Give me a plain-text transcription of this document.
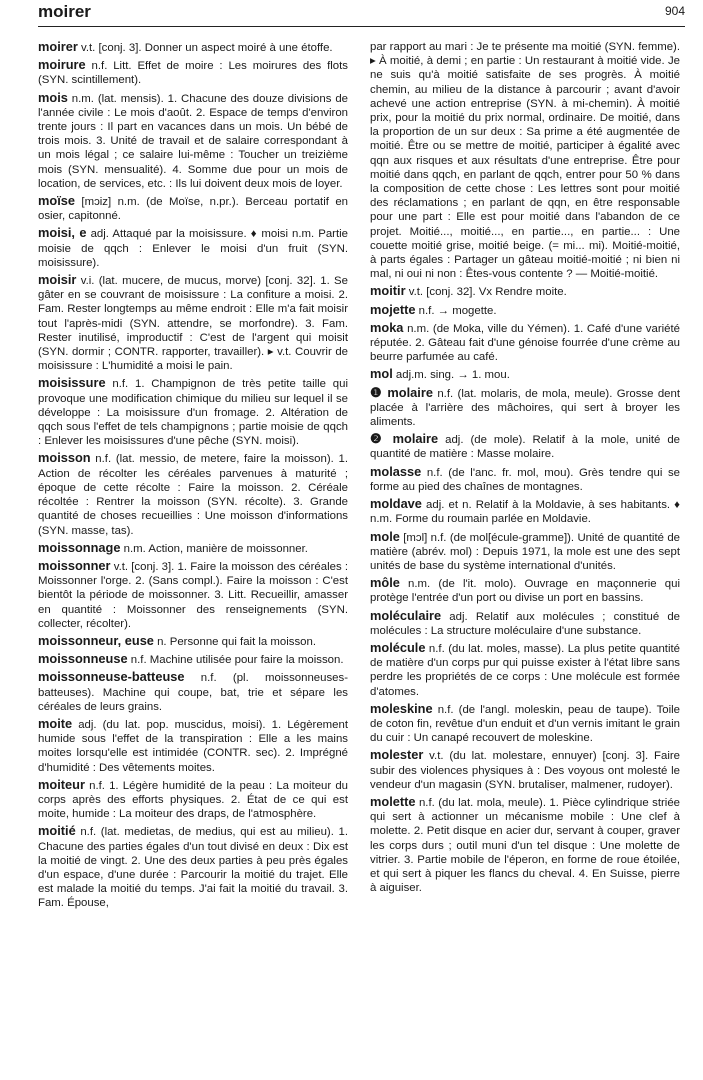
moirer	904

moirer v.t. [conj. 3]. Donner un aspect moiré à une étoffe.

moirure n.f. Litt. Effet de moire : Les moirures des flots (SYN. scintillement).

mois n.m. (lat. mensis). 1. Chacune des douze divisions de l'année civile : Le mois d'août. 2. Espace de temps d'environ trente jours : Il part en vacances dans un mois. Un bébé de trois mois. 3. Unité de travail et de salaire correspondant à un mois légal ; ce salaire lui-même : Toucher un treizième mois (SYN. mensualité). 4. Somme due pour un mois de location, de services, etc. : Ils lui doivent deux mois de loyer.

moïse [mɔiz] n.m. (de Moïse, n.pr.). Berceau portatif en osier, capitonné.

moisi, e adj. Attaqué par la moisissure. ♦ moisi n.m. Partie moisie de qqch : Enlever le moisi d'un fruit (SYN. moisissure).

moisir v.i. (lat. mucere, de mucus, morve) [conj. 32]. 1. Se gâter en se couvrant de moisissure : La confiture a moisi. 2. Fam. Rester longtemps au même endroit : Elle m'a fait moisir tout l'après-midi (SYN. attendre, se morfondre). 3. Fam. Rester inutilisé, improductif : C'est de l'argent qui moisit (SYN. dormir ; CONTR. rapporter, travailler). ▸ v.t. Couvrir de moisissure : L'humidité a moisi le pain.

moisissure n.f. 1. Champignon de très petite taille qui provoque une modification chimique du milieu sur lequel il se développe : La moisissure d'un fromage. 2. Altération de qqch sous l'effet de tels champignons ; partie moisie de qqch : Enlever les moisissures d'une pêche (SYN. moisi).

moisson n.f. (lat. messio, de metere, faire la moisson). 1. Action de récolter les céréales parvenues à maturité ; époque de cette récolte : Faire la moisson. 2. Céréale récoltée : Rentrer la moisson (SYN. récolte). 3. Grande quantité de choses recueillies : Une moisson d'informations (SYN. masse, tas).

moissonnage n.m. Action, manière de moissonner.

moissonner v.t. [conj. 3]. 1. Faire la moisson des céréales : Moissonner l'orge. 2. (Sans compl.). Faire la moisson : C'est bientôt la période de moissonner. 3. Litt. Recueillir, amasser en quantité : Moissonner des renseignements (SYN. collecter, récolter).

moissonneur, euse n. Personne qui fait la moisson.

moissonneuse n.f. Machine utilisée pour faire la moisson.

moissonneuse-batteuse n.f. (pl. moissonneuses-batteuses). Machine qui coupe, bat, trie et sépare les céréales de leurs grains.

moite adj. (du lat. pop. muscidus, moisi). 1. Légèrement humide sous l'effet de la transpiration : Elle a les mains moites lorsqu'elle est intimidée (CONTR. sec). 2. Imprégné d'humidité : Des vêtements moites.

moiteur n.f. 1. Légère humidité de la peau : La moiteur du corps après des efforts physiques. 2. État de ce qui est moite, humide : La moiteur des draps, de l'atmosphère.

moitié n.f. (lat. medietas, de medius, qui est au milieu). 1. Chacune des parties égales d'un tout divisé en deux : Dix est la moitié de vingt. 2. Une des deux parties à peu près égales d'un espace, d'une durée : Parcourir la moitié du trajet. Elle est malade la moitié du temps. J'ai fait la moitié du travail. 3. Fam. Épouse,

par rapport au mari : Je te présente ma moitié (SYN. femme). ▸ À moitié, à demi ; en partie : Un restaurant à moitié vide. Je ne suis qu'à moitié satisfaite de ses progrès. À moitié chemin, au milieu de la distance à parcourir ; avant d'avoir achevé une action entreprise (SYN. à mi-chemin). À moitié prix, pour la moitié du prix normal, ordinaire. De moitié, dans la proportion de un sur deux : Sa prime a été augmentée de moitié. Être ou se mettre de moitié, participer à égalité avec qqn aux risques et aux résultats d'une entreprise. Être pour moitié dans qqch, en parlant de qqch, entrer pour 50 % dans la composition de cette chose : Les lettres sont pour moitié des réclamations ; en parlant de qqn, en être responsable pour une part : Elle est pour moitié dans l'abandon de ce projet. Moitié..., moitié..., en partie..., en partie... : Une couette moitié grise, moitié beige. (= mi... mi). Moitié-moitié, à parts égales : Partager un gâteau moitié-moitié ; ni bien ni mal, ni oui ni non : Êtes-vous contente ? — Moitié-moitié.

moitir v.t. [conj. 32]. Vx Rendre moite.

mojette n.f. → mogette.

moka n.m. (de Moka, ville du Yémen). 1. Café d'une variété réputée. 2. Gâteau fait d'une génoise fourrée d'une crème au beurre parfumée au café.

mol adj.m. sing. → 1. mou.

❶ molaire n.f. (lat. molaris, de mola, meule). Grosse dent placée à l'arrière des mâchoires, qui sert à broyer les aliments.

❷ molaire adj. (de mole). Relatif à la mole, unité de quantité de matière : Masse molaire.

molasse n.f. (de l'anc. fr. mol, mou). Grès tendre qui se forme au pied des chaînes de montagnes.

moldave adj. et n. Relatif à la Moldavie, à ses habitants. ♦ n.m. Forme du roumain parlée en Moldavie.

mole [mɔl] n.f. (de mol[écule-gramme]). Unité de quantité de matière (abrév. mol) : Depuis 1971, la mole est une des sept unités de base du système international d'unités.

môle n.m. (de l'it. molo). Ouvrage en maçonnerie qui protège l'entrée d'un port ou divise un port en bassins.

moléculaire adj. Relatif aux molécules ; constitué de molécules : La structure moléculaire d'une substance.

molécule n.f. (du lat. moles, masse). La plus petite quantité de matière d'un corps pur qui puisse exister à l'état libre sans perdre les propriétés de ce corps : Une molécule est formée d'atomes.

moleskine n.f. (de l'angl. moleskin, peau de taupe). Toile de coton fin, revêtue d'un enduit et d'un vernis imitant le grain du cuir : Un canapé recouvert de moleskine.

molester v.t. (du lat. molestare, ennuyer) [conj. 3]. Faire subir des violences physiques à : Des voyous ont molesté le vendeur d'un magasin (SYN. brutaliser, malmener, rudoyer).

molette n.f. (du lat. mola, meule). 1. Pièce cylindrique striée qui sert à actionner un mécanisme mobile : Une clef à molette. 2. Petit disque en acier dur, servant à couper, graver les corps durs ; outil muni d'un tel disque : Une molette de vitrier. 3. Partie mobile de l'éperon, en forme de roue étoilée, et qui sert à piquer les flancs du cheval. 4. En Suisse, pierre à aiguiser.
